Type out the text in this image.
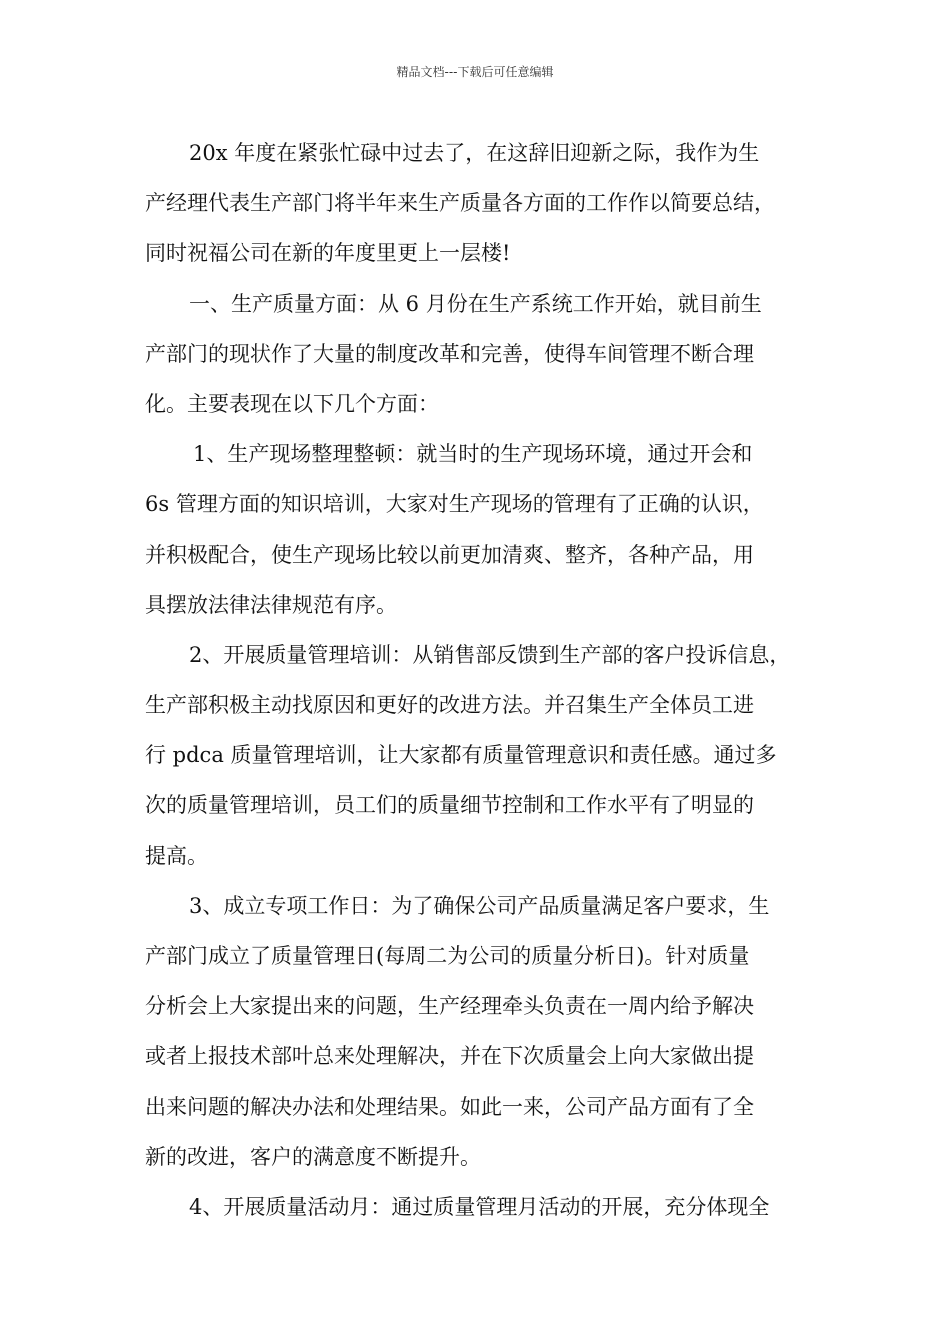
精品文档---下载后可任意编辑
20x 年度在紧张忙碌中过去了，在这辞旧迎新之际，我作为生
产经理代表生产部门将半年来生产质量各方面的工作作以简要总结，
同时祝福公司在新的年度里更上一层楼!
一、生产质量方面：从 6 月份在生产系统工作开始，就目前生
产部门的现状作了大量的制度改革和完善，使得车间管理不断合理
化。主要表现在以下几个方面：
1、生产现场整理整顿：就当时的生产现场环境，通过开会和
6s 管理方面的知识培训，大家对生产现场的管理有了正确的认识，
并积极配合，使生产现场比较以前更加清爽、整齐，各种产品，用
具摆放法律法律规范有序。
2、开展质量管理培训：从销售部反馈到生产部的客户投诉信息，
生产部积极主动找原因和更好的改进方法。并召集生产全体员工进
行 pdca 质量管理培训，让大家都有质量管理意识和责任感。通过多
次的质量管理培训，员工们的质量细节控制和工作水平有了明显的
提高。
3、成立专项工作日：为了确保公司产品质量满足客户要求，生
产部门成立了质量管理日(每周二为公司的质量分析日)。针对质量
分析会上大家提出来的问题，生产经理牵头负责在一周内给予解决
或者上报技术部叶总来处理解决，并在下次质量会上向大家做出提
出来问题的解决办法和处理结果。如此一来，公司产品方面有了全
新的改进，客户的满意度不断提升。
4、开展质量活动月：通过质量管理月活动的开展，充分体现全
